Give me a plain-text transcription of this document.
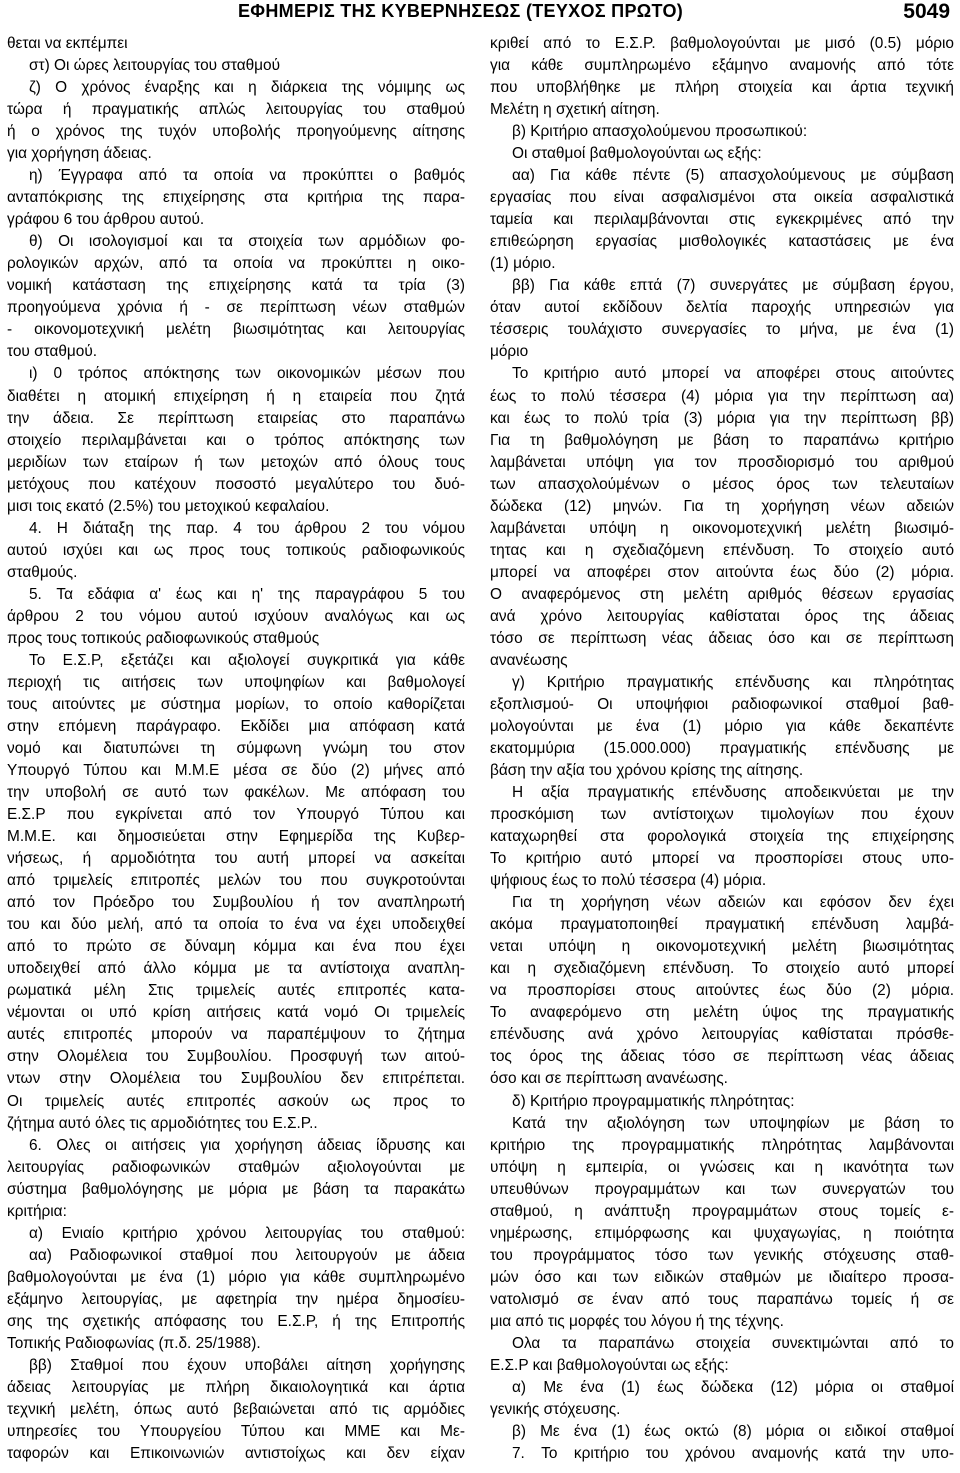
ΕΦΗΜΕΡΙΣ ΤΗΣ ΚΥΒΕΡΝΗΣΕΩΣ (ΤΕΥΧΟΣ ΠΡΩΤΟ)	5049
θεται να εκπέμπει
στ) Οι ώρες λειτουργίας του σταθμού
ζ) Ο χρόνος έναρξης και η διάρκεια της νόμιμης ως
τώρα ή πραγματικής απλώς λειτουργίας του σταθμού
ή ο χρόνος της τυχόν υποβολής προηγούμενης αίτησης
για χορήγηση άδειας.
η) Έγγραφα από τα οποία να προκύπτει ο βαθμός
ανταπόκρισης της επιχείρησης στα κριτήρια της παρα-
γράφου 6 του άρθρου αυτού.
θ) Οι ισολογισμοί και τα στοιχεία των αρμόδιων φο-
ρολογικών αρχών, από τα οποία να προκύπτει η οικο-
νομική κατάσταση της επιχείρησης κατά τα τρία (3)
προηγούμενα χρόνια ή - σε περίπτωση νέων σταθμών
- οικονομοτεχνική μελέτη βιωσιμότητας και λειτουργίας
του σταθμού.
ι) 0 τρόπος απόκτησης των οικονομικών μέσων που
διαθέτει η ατομική επιχείρηση ή η εταιρεία που ζητά
την άδεια. Σε περίπτωση εταιρείας στο παραπάνω
στοιχείο περιλαμβάνεται και ο τρόπος απόκτησης των
μεριδίων των εταίρων ή των μετοχών από όλους τους
μετόχους που κατέχουν ποσοστό μεγαλύτερο του δυό-
μισι τοις εκατό (2.5%) του μετοχικού κεφαλαίου.
4. Η διάταξη της παρ. 4 του άρθρου 2 του νόμου
αυτού ισχύει και ως προς τους τοπικούς ραδιοφωνικούς
σταθμούς.
5. Τα εδάφια α' έως και η' της παραγράφου 5 του
άρθρου 2 του νόμου αυτού ισχύουν αναλόγως και ως
προς τους τοπικούς ραδιοφωνικούς σταθμούς
Το Ε.Σ.Ρ, εξετάζει και αξιολογεί συγκριτικά για κάθε
περιοχή τις αιτήσεις των υποψηφίων και βαθμολογεί
τους αιτούντες με σύστημα μορίων, το οποίο καθορίζεται
στην επόμενη παράγραφο. Εκδίδει μια απόφαση κατά
νομό και διατυπώνει τη σύμφωνη γνώμη του στον
Υπουργό Τύπου και Μ.Μ.Ε μέσα σε δύο (2) μήνες από
την υποβολή σε αυτό των φακέλων. Με απόφαση του
Ε.Σ.Ρ που εγκρίνεται από τον Υπουργό Τύπου και
Μ.Μ.Ε. και δημοσιεύεται στην Εφημερίδα της Κυβερ-
νήσεως, ή αρμοδιότητα του αυτή μπορεί να ασκείται
από τριμελείς επιτροπές μελών του που συγκροτούνται
από τον Πρόεδρο του Συμβουλίου ή τον αναπληρωτή
του και δύο μελή, από τα οποία το ένα να έχει υποδειχθεί
από το πρώτο σε δύναμη κόμμα και ένα που έχει
υποδειχθεί από άλλο κόμμα με τα αντίστοιχα αναπλη-
ρωματικά μέλη Στις τριμελείς αυτές επιτροπές κατα-
νέμονται οι υπό κρίση αιτήσεις κατά νομό Οι τριμελείς
αυτές επιτροπές μπορούν να παραπέμψουν το ζήτημα
στην Ολομέλεια του Συμβουλίου. Προσφυγή των αιτού-
ντων στην Ολομέλεια του Συμβουλίου δεν επιτρέπεται.
Οι τριμελείς αυτές επιτροπές ασκούν ως προς το
ζήτημα αυτό όλες τις αρμοδιότητες του Ε.Σ.Ρ..
6. Ολες οι αιτήσεις για χορήγηση άδειας ίδρυσης και
λειτουργίας ραδιοφωνικών σταθμών αξιολογούνται με
σύστημα βαθμολόγησης με μόρια με βάση τα παρακάτω
κριτήρια:
α) Ενιαίο κριτήριο χρόνου λειτουργίας του σταθμού:
αα) Ραδιοφωνικοί σταθμοί που λειτουργούν με άδεια
βαθμολογούνται με ένα (1) μόριο για κάθε συμπληρωμένο
εξάμηνο λειτουργίας, με αφετηρία την ημέρα δημοσίευ-
σης της σχετικής απόφασης του Ε.Σ.Ρ, ή της Επιτροπής
Τοπικής Ραδιοφωνίας (π.δ. 25/1988).
ββ) Σταθμοί που έχουν υποβάλει αίτηση χορήγησης
άδειας λειτουργίας με πλήρη δικαιολογητικά και άρτια
τεχνική μελέτη, όπως αυτό βεβαιώνεται από τις αρμόδιες
υπηρεσίες του Υπουργείου Τύπου και ΜΜΕ και Με-
ταφορών και Επικοινωνιών αντιστοίχως και δεν είχαν
κριθεί από το Ε.Σ.Ρ. βαθμολογούνται με μισό (0.5) μόριο
για κάθε συμπληρωμένο εξάμηνο αναμονής από τότε
που υποβλήθηκε με πλήρη στοιχεία και άρτια τεχνική
Μελέτη η σχετική αίτηση.
β) Κριτήριο απασχολούμενου προσωπικού:
Οι σταθμοί βαθμολογούνται ως εξής:
αα) Για κάθε πέντε (5) απασχολούμενους με σύμβαση
εργασίας που είναι ασφαλισμένοι στα οικεία ασφαλιστικά
ταμεία και περιλαμβάνονται στις εγκεκριμένες από την
επιθεώρηση εργασίας μισθολογικές καταστάσεις με ένα
(1) μόριο.
ββ) Για κάθε επτά (7) συνεργάτες με σύμβαση έργου,
όταν αυτοί εκδίδουν δελτία παροχής υπηρεσιών για
τέσσερις τουλάχιστο συνεργασίες το μήνα, με ένα (1)
μόριο
Το κριτήριο αυτό μπορεί να αποφέρει στους αιτούντες
έως το πολύ τέσσερα (4) μόρια για την περίπτωση αα)
και έως το πολύ τρία (3) μόρια για την περίπτωση ββ)
Για τη βαθμολόγηση με βάση το παραπάνω κριτήριο
λαμβάνεται υπόψη για τον προσδιορισμό του αριθμού
των απασχολούμένων ο μέσος όρος των τελευταίων
δώδεκα (12) μηνών. Για τη χορήγηση νέων αδειών
λαμβάνεται υπόψη η οικονομοτεχνική μελέτη βιωσιμό-
τητας και η σχεδιαζόμενη επένδυση. Το στοιχείο αυτό
μπορεί να αποφέρει στον αιτούντα έως δύο (2) μόρια.
Ο αναφερόμενος στη μελέτη αριθμός θέσεων εργασίας
ανά χρόνο λειτουργίας καθίσταται όρος της άδειας
τόσο σε περίπτωση νέας άδειας όσο και σε περίπτωση
ανανέωσης
γ) Κριτήριο πραγματικής επένδυσης και πληρότητας
εξοπλισμού- Οι υποψήφιοι ραδιοφωνικοί σταθμοί βαθ-
μολογούνται με ένα (1) μόριο για κάθε δεκαπέντε
εκατομμύρια (15.000.000) πραγματικής επένδυσης με
βάση την αξία του χρόνου κρίσης της αίτησης.
Η αξία πραγματικής επένδυσης αποδεικνύεται με την
προσκόμιση των αντίστοιχων τιμολογίων που έχουν
καταχωρηθεί στα φορολογικά στοιχεία της επιχείρησης
Το κριτήριο αυτό μπορεί να προσπορίσει στους υπο-
ψήφιους έως το πολύ τέσσερα (4) μόρια.
Για τη χορήγηση νέων αδειών και εφόσον δεν έχει
ακόμα πραγματοποιηθεί πραγματική επένδυση λαμβά-
νεται υπόψη η οικονομοτεχνική μελέτη βιωσιμότητας
και η σχεδιαζόμενη επένδυση. Το στοιχείο αυτό μπορεί
να προσπορίσει στους αιτούντες έως δύο (2) μόρια.
Το αναφερόμενο στη μελέτη ύψος της πραγματικής
επένδυσης ανά χρόνο λειτουργίας καθίσταται πρόσθε-
τος όρος της άδειας τόσο σε περίπτωση νέας άδειας
όσο και σε περίπτωση ανανέωσης.
δ) Κριτήριο προγραμματικής πληρότητας:
Κατά την αξιολόγηση των υποψηφίων με βάση το
κριτήριο της προγραμματικής πληρότητας λαμβάνονται
υπόψη η εμπειρία, οι γνώσεις και η ικανότητα των
υπευθύνων προγραμμάτων και των συνεργατών του
σταθμού, η ανάπτυξη προγραμμάτων στους τομείς ε-
νημέρωσης, επιμόρφωσης και ψυχαγωγίας, η ποιότητα
του προγράμματος τόσο των γενικής στόχευσης σταθ-
μών όσο και των ειδικών σταθμών με ιδιαίτερο προσα-
νατολισμό σε έναν από τους παραπάνω τομείς ή σε
μια από τις μορφές του λόγου ή της τέχνης.
Ολα τα παραπάνω στοιχεία συνεκτιμώνται από το
Ε.Σ.Ρ και βαθμολογούνται ως εξής:
α) Με ένα (1) έως δώδεκα (12) μόρια οι σταθμοί
γενικής στόχευσης.
β) Με ένα (1) έως οκτώ (8) μόρια οι ειδικοί σταθμοί
7. Το κριτήριο του χρόνου αναμονής κατά την υπο-
